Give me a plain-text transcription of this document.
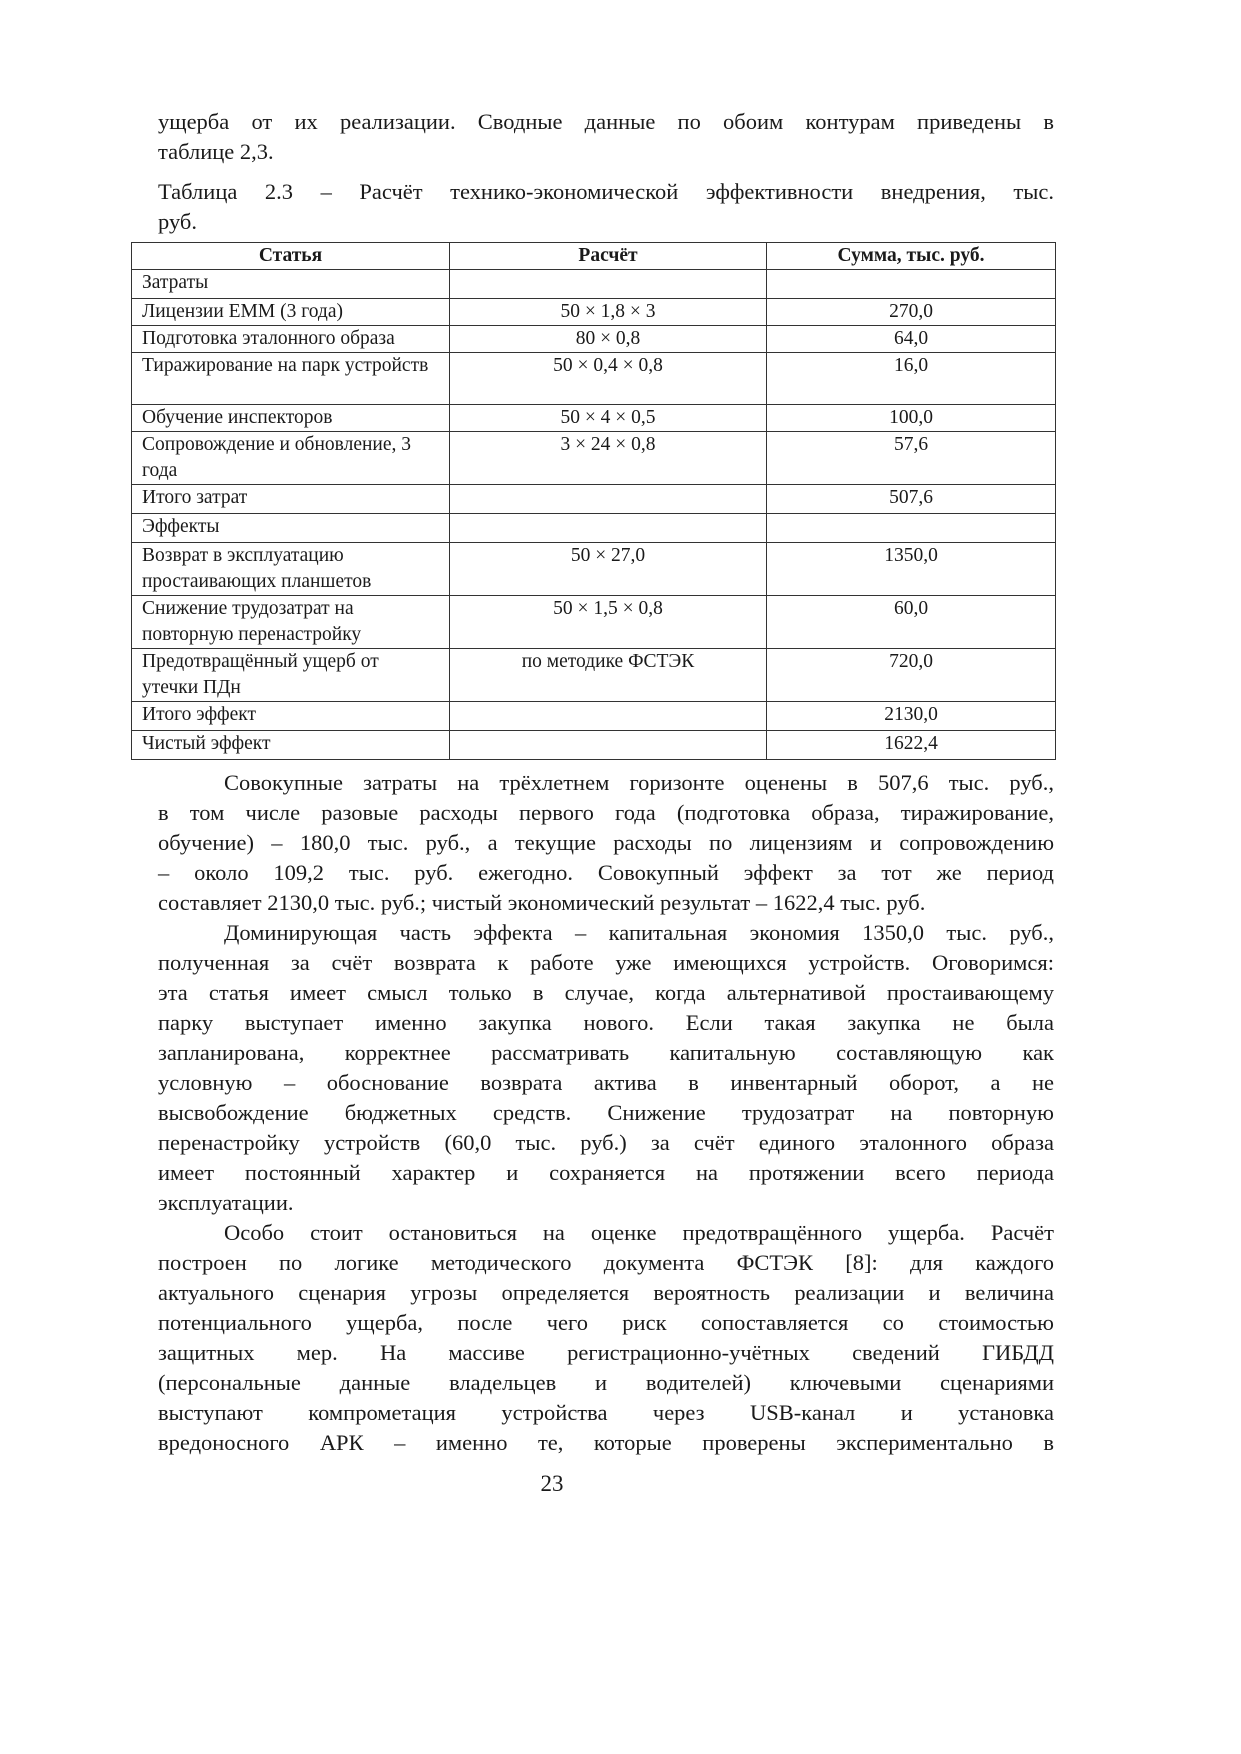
ущерба от их реализации. Сводные данные по обоим контурам приведены в
таблице 2,3.
Таблица 2.3 – Расчёт технико-экономической эффективности внедрения, тыс.
руб.
Статья	Расчёт	Сумма, тыс. руб.
Затраты		
Лицензии EMM (3 года)	50 × 1,8 × 3	270,0
Подготовка эталонного образа	80 × 0,8	64,0
Тиражирование на парк устройств	50 × 0,4 × 0,8	16,0
Обучение инспекторов	50 × 4 × 0,5	100,0
Сопровождение и обновление, 3 года	3 × 24 × 0,8	57,6
Итого затрат		507,6
Эффекты		
Возврат в эксплуатацию простаивающих планшетов	50 × 27,0	1350,0
Снижение трудозатрат на повторную перенастройку	50 × 1,5 × 0,8	60,0
Предотвращённый ущерб от утечки ПДн	по методике ФСТЭК	720,0
Итого эффект		2130,0
Чистый эффект		1622,4
Совокупные затраты на трёхлетнем горизонте оценены в 507,6 тыс. руб.,
в том числе разовые расходы первого года (подготовка образа, тиражирование,
обучение) – 180,0 тыс. руб., а текущие расходы по лицензиям и сопровождению
– около 109,2 тыс. руб. ежегодно. Совокупный эффект за тот же период
составляет 2130,0 тыс. руб.; чистый экономический результат – 1622,4 тыс. руб.
Доминирующая часть эффекта – капитальная экономия 1350,0 тыс. руб.,
полученная за счёт возврата к работе уже имеющихся устройств. Оговоримся:
эта статья имеет смысл только в случае, когда альтернативой простаивающему
парку выступает именно закупка нового. Если такая закупка не была
запланирована, корректнее рассматривать капитальную составляющую как
условную – обоснование возврата актива в инвентарный оборот, а не
высвобождение бюджетных средств. Снижение трудозатрат на повторную
перенастройку устройств (60,0 тыс. руб.) за счёт единого эталонного образа
имеет постоянный характер и сохраняется на протяжении всего периода
эксплуатации.
Особо стоит остановиться на оценке предотвращённого ущерба. Расчёт
построен по логике методического документа ФСТЭК [8]: для каждого
актуального сценария угрозы определяется вероятность реализации и величина
потенциального ущерба, после чего риск сопоставляется со стоимостью
защитных мер. На массиве регистрационно-учётных сведений ГИБДД
(персональные данные владельцев и водителей) ключевыми сценариями
выступают компрометация устройства через USB-канал и установка
вредоносного АРК – именно те, которые проверены экспериментально в
23
